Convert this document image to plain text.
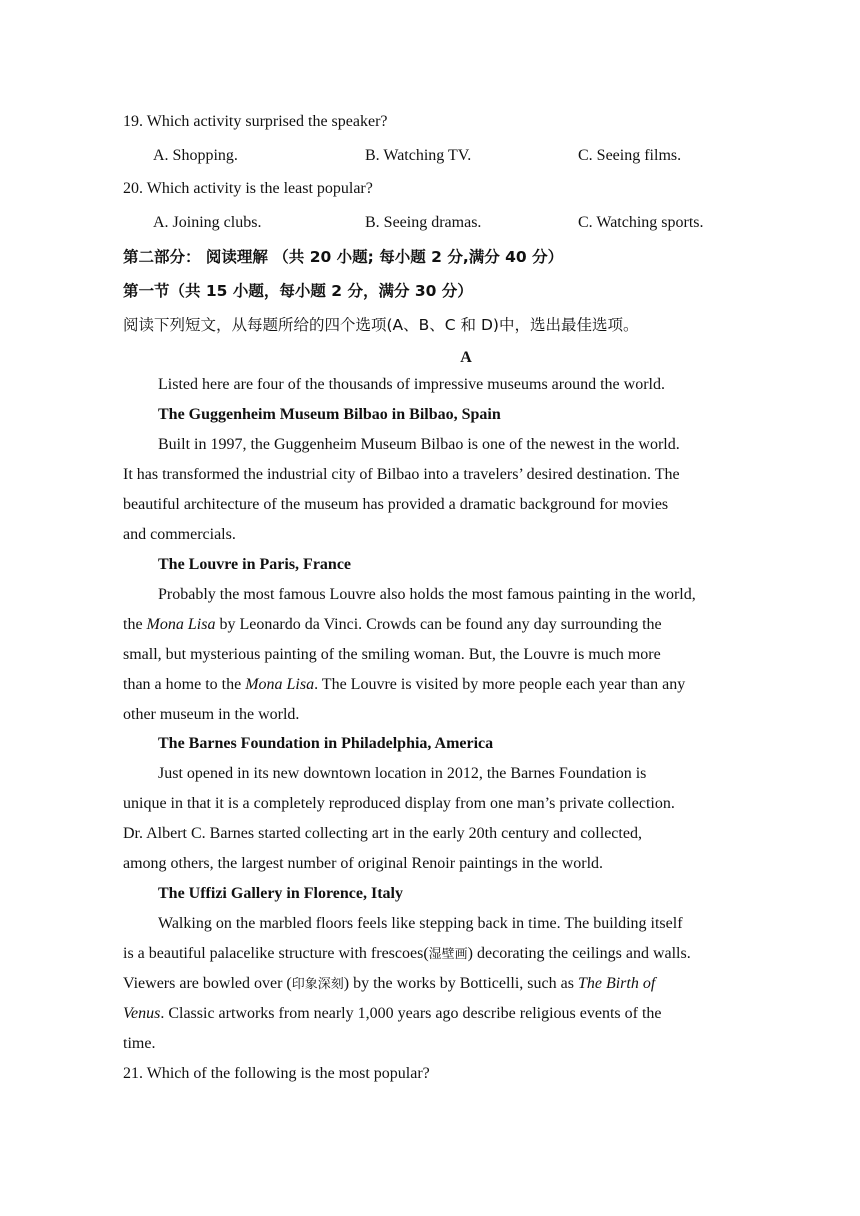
19. Which activity surprised the speaker?
A. Shopping.	B. Watching TV.	C. Seeing films.
20. Which activity is the least popular?
A. Joining clubs.	B. Seeing dramas.	C. Watching sports.
第二部分： 阅读理解 （共 20 小题; 每小题 2 分,满分 40 分）
第一节（共 15 小题，每小题 2 分，满分 30 分）
阅读下列短文，从每题所给的四个选项(A、B、C 和 D)中，选出最佳选项。
A
Listed here are four of the thousands of impressive museums around the world.
The Guggenheim Museum Bilbao in Bilbao, Spain
Built in 1997, the Guggenheim Museum Bilbao is one of the newest in the world.
It has transformed the industrial city of Bilbao into a travelers’ desired destination. The
beautiful architecture of the museum has provided a dramatic background for movies
and commercials.
The Louvre in Paris, France
Probably the most famous Louvre also holds the most famous painting in the world,
the Mona Lisa by Leonardo da Vinci. Crowds can be found any day surrounding the
small, but mysterious painting of the smiling woman. But, the Louvre is much more
than a home to the Mona Lisa. The Louvre is visited by more people each year than any
other museum in the world.
The Barnes Foundation in Philadelphia, America
Just opened in its new downtown location in 2012, the Barnes Foundation is
unique in that it is a completely reproduced display from one man’s private collection.
Dr. Albert C. Barnes started collecting art in the early 20th century and collected,
among others, the largest number of original Renoir paintings in the world.
The Uffizi Gallery in Florence, Italy
Walking on the marbled floors feels like stepping back in time. The building itself
is a beautiful palacelike structure with frescoes(湿壁画) decorating the ceilings and walls.
Viewers are bowled over (印象深刻) by the works by Botticelli, such as The Birth of
Venus. Classic artworks from nearly 1,000 years ago describe religious events of the
time.
21. Which of the following is the most popular?
